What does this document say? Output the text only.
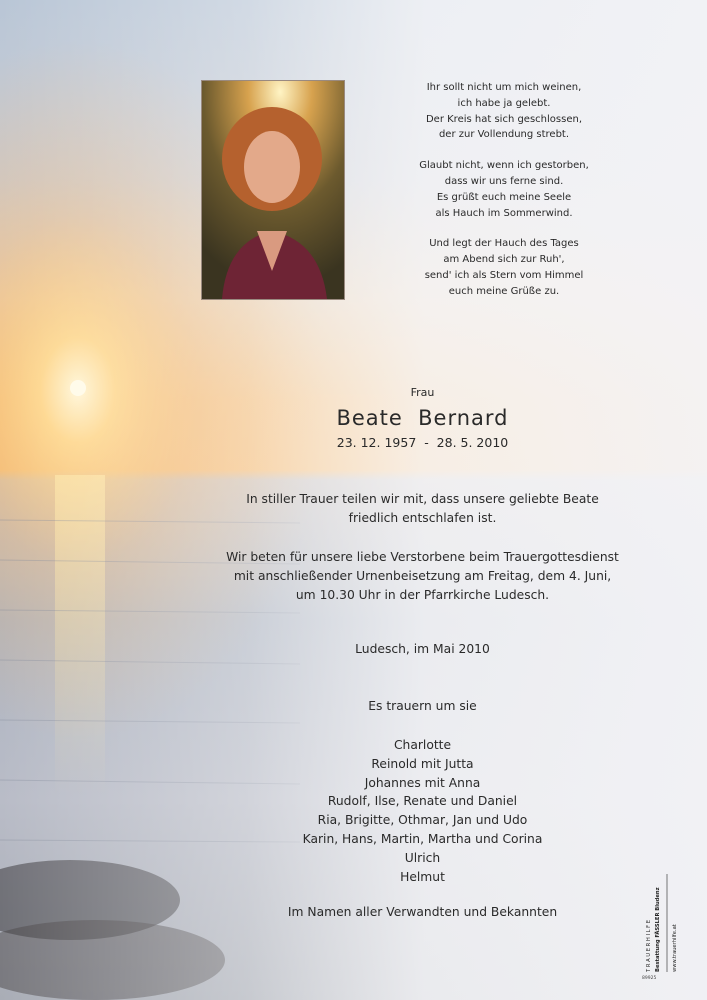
Ihr sollt nicht um mich weinen,
ich habe ja gelebt.
Der Kreis hat sich geschlossen,
der zur Vollendung strebt.
Glaubt nicht, wenn ich gestorben,
dass wir uns ferne sind.
Es grüßt euch meine Seele
als Hauch im Sommerwind.
Und legt der Hauch des Tages
am Abend sich zur Ruh',
send' ich als Stern vom Himmel
euch meine Grüße zu.
Frau
Beate  Bernard
23. 12. 1957  -  28. 5. 2010
In stiller Trauer teilen wir mit, dass unsere geliebte Beate
friedlich entschlafen ist.
Wir beten für unsere liebe Verstorbene beim Trauergottesdienst
mit anschließender Urnenbeisetzung am Freitag, dem 4. Juni,
um 10.30 Uhr in der Pfarrkirche Ludesch.
Ludesch, im Mai 2010
Es trauern um sie
Charlotte
Reinold mit Jutta
Johannes mit Anna
Rudolf, Ilse, Renate und Daniel
Ria, Brigitte, Othmar, Jan und Udo
Karin, Hans, Martin, Martha und Corina
Ulrich
Helmut
Im Namen aller Verwandten und Bekannten
T R A U E R H I L F E Bestattung FÄSSLER Bludenz www.trauerhilfe.at
89925
